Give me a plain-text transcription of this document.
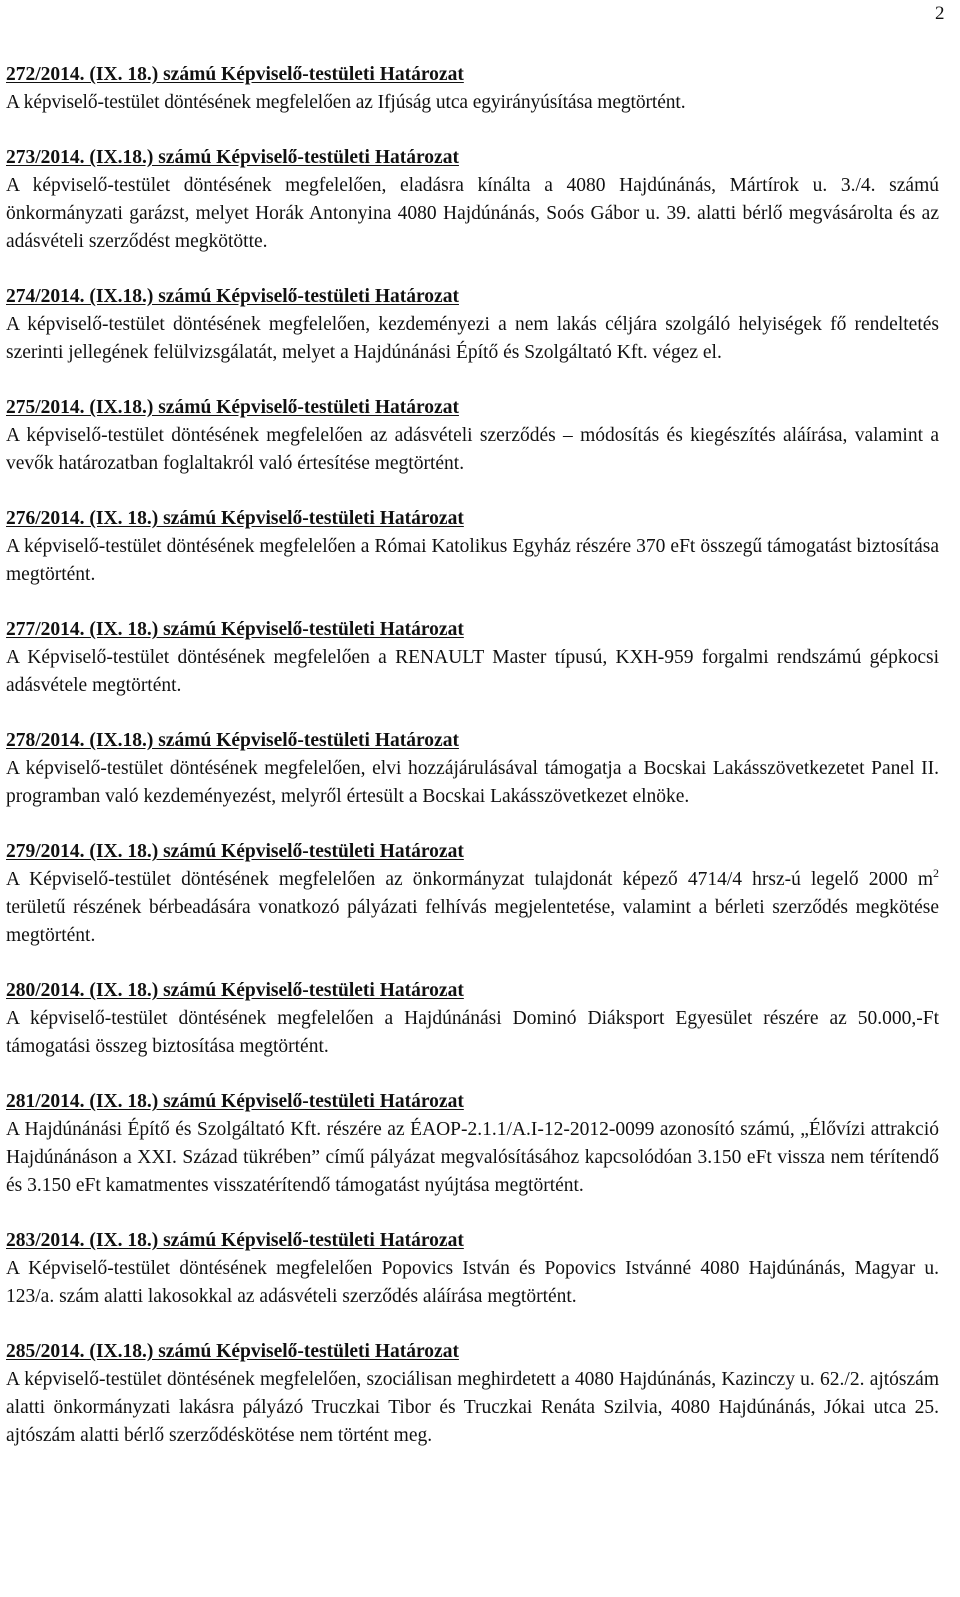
2
272/2014. (IX. 18.) számú Képviselő-testületi Határozat

A képviselő-testület döntésének megfelelően az Ifjúság utca egyirányúsítása megtörtént.

273/2014. (IX.18.) számú Képviselő-testületi Határozat

A képviselő-testület döntésének megfelelően, eladásra kínálta a 4080 Hajdúnánás, Mártírok u. 3./4. számú önkormányzati garázst, melyet Horák Antonyina 4080 Hajdúnánás, Soós Gábor u. 39. alatti bérlő megvásárolta és az adásvételi szerződést megkötötte.

274/2014. (IX.18.) számú Képviselő-testületi Határozat

A képviselő-testület döntésének megfelelően, kezdeményezi a nem lakás céljára szolgáló helyiségek fő rendeltetés szerinti jellegének felülvizsgálatát, melyet a Hajdúnánási Építő és Szolgáltató Kft. végez el.

275/2014. (IX.18.) számú Képviselő-testületi Határozat

A képviselő-testület döntésének megfelelően az adásvételi szerződés – módosítás és kiegészítés aláírása, valamint a vevők határozatban foglaltakról való értesítése megtörtént.

276/2014. (IX. 18.) számú Képviselő-testületi Határozat

A képviselő-testület döntésének megfelelően a Római Katolikus Egyház részére 370 eFt összegű támogatást biztosítása megtörtént.

277/2014. (IX. 18.) számú Képviselő-testületi Határozat

A Képviselő-testület döntésének megfelelően a RENAULT Master típusú, KXH-959 forgalmi rendszámú gépkocsi adásvétele megtörtént.

278/2014. (IX.18.) számú Képviselő-testületi Határozat

A képviselő-testület döntésének megfelelően, elvi hozzájárulásával támogatja a Bocskai Lakásszövetkezetet Panel II. programban való kezdeményezést, melyről értesült a Bocskai Lakásszövetkezet elnöke.

279/2014. (IX. 18.) számú Képviselő-testületi Határozat

A Képviselő-testület döntésének megfelelően az önkormányzat tulajdonát képező 4714/4 hrsz-ú legelő 2000 $m^2$ területű részének bérbeadására vonatkozó pályázati felhívás megjelentetése, valamint a bérleti szerződés megkötése megtörtént.

280/2014. (IX. 18.) számú Képviselő-testületi Határozat

A képviselő-testület döntésének megfelelően a Hajdúnánási Dominó Diáksport Egyesület részére az 50.000,-Ft támogatási összeg biztosítása megtörtént.

281/2014. (IX. 18.) számú Képviselő-testületi Határozat

A Hajdúnánási Építő és Szolgáltató Kft. részére az ÉAOP-2.1.1/A.I-12-2012-0099 azonosító számú, „Élővízi attrakció Hajdúnánáson a XXI. Század tükrében” című pályázat megvalósításához kapcsolódóan 3.150 eFt vissza nem térítendő és 3.150 eFt kamatmentes visszatérítendő támogatást nyújtása megtörtént.

283/2014. (IX. 18.) számú Képviselő-testületi Határozat

A Képviselő-testület döntésének megfelelően Popovics István és Popovics Istvánné 4080 Hajdúnánás, Magyar u. 123/a. szám alatti lakosokkal az adásvételi szerződés aláírása megtörtént.

285/2014. (IX.18.) számú Képviselő-testületi Határozat

A képviselő-testület döntésének megfelelően, szociálisan meghirdetett a 4080 Hajdúnánás, Kazinczy u. 62./2. ajtószám alatti önkormányzati lakásra pályázó Truczkai Tibor és Truczkai Renáta Szilvia, 4080 Hajdúnánás, Jókai utca 25. ajtószám alatti bérlő szerződéskötése nem történt meg.
